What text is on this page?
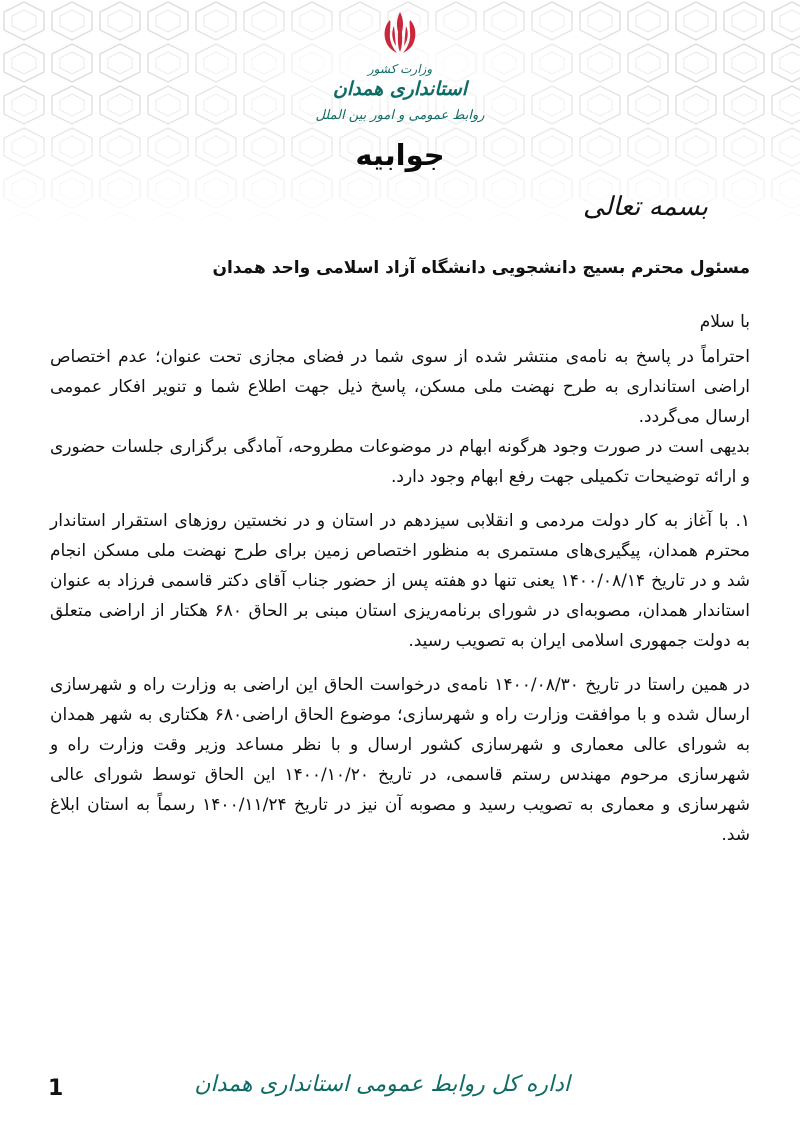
وزارت کشور
استانداری همدان
روابط عمومی و امور بین الملل
جوابیه
بسمه تعالی

مسئول محترم بسیج دانشجویی دانشگاه آزاد اسلامی واحد همدان

با سلام

احتراماً در پاسخ به نامه‌ی منتشر شده از سوی شما در فضای مجازی تحت عنوان؛ عدم اختصاص اراضی استانداری به طرح نهضت ملی مسکن، پاسخ ذیل جهت اطلاع شما و تنویر افکار عمومی ارسال می‌گردد.

بدیهی است در صورت وجود هرگونه ابهام در موضوعات مطروحه، آمادگی برگزاری جلسات حضوری و ارائه توضیحات تکمیلی جهت رفع ابهام وجود دارد.

۱. با آغاز به کار دولت مردمی و انقلابی سیزدهم در استان و در نخستین روزهای استقرار استاندار محترم همدان، پیگیری‌های مستمری به منظور اختصاص زمین برای طرح نهضت ملی مسکن انجام شد و در تاریخ ۱۴۰۰/۰۸/۱۴ یعنی تنها دو هفته پس از حضور جناب آقای دکتر قاسمی فرزاد به عنوان استاندار همدان، مصوبه‌ای در شورای برنامه‌ریزی استان مبنی بر الحاق ۶۸۰ هکتار از اراضی متعلق به دولت جمهوری اسلامی ایران به تصویب رسید.

در همین راستا در تاریخ ۱۴۰۰/۰۸/۳۰ نامه‌ی درخواست الحاق این اراضی به وزارت راه و شهرسازی ارسال شده و با موافقت وزارت راه و شهرسازی؛ موضوع الحاق اراضی۶۸۰ هکتاری به شهر همدان به شورای عالی معماری و شهرسازی کشور ارسال و با نظر مساعد وزیر وقت وزارت راه و شهرسازی مرحوم مهندس رستم قاسمی، در تاریخ ۱۴۰۰/۱۰/۲۰ این الحاق توسط شورای عالی شهرسازی و معماری به تصویب رسید و مصوبه آن نیز در تاریخ ۱۴۰۰/۱۱/۲۴ رسماً به استان ابلاغ شد.

اداره کل روابط عمومی استانداری همدان
1
